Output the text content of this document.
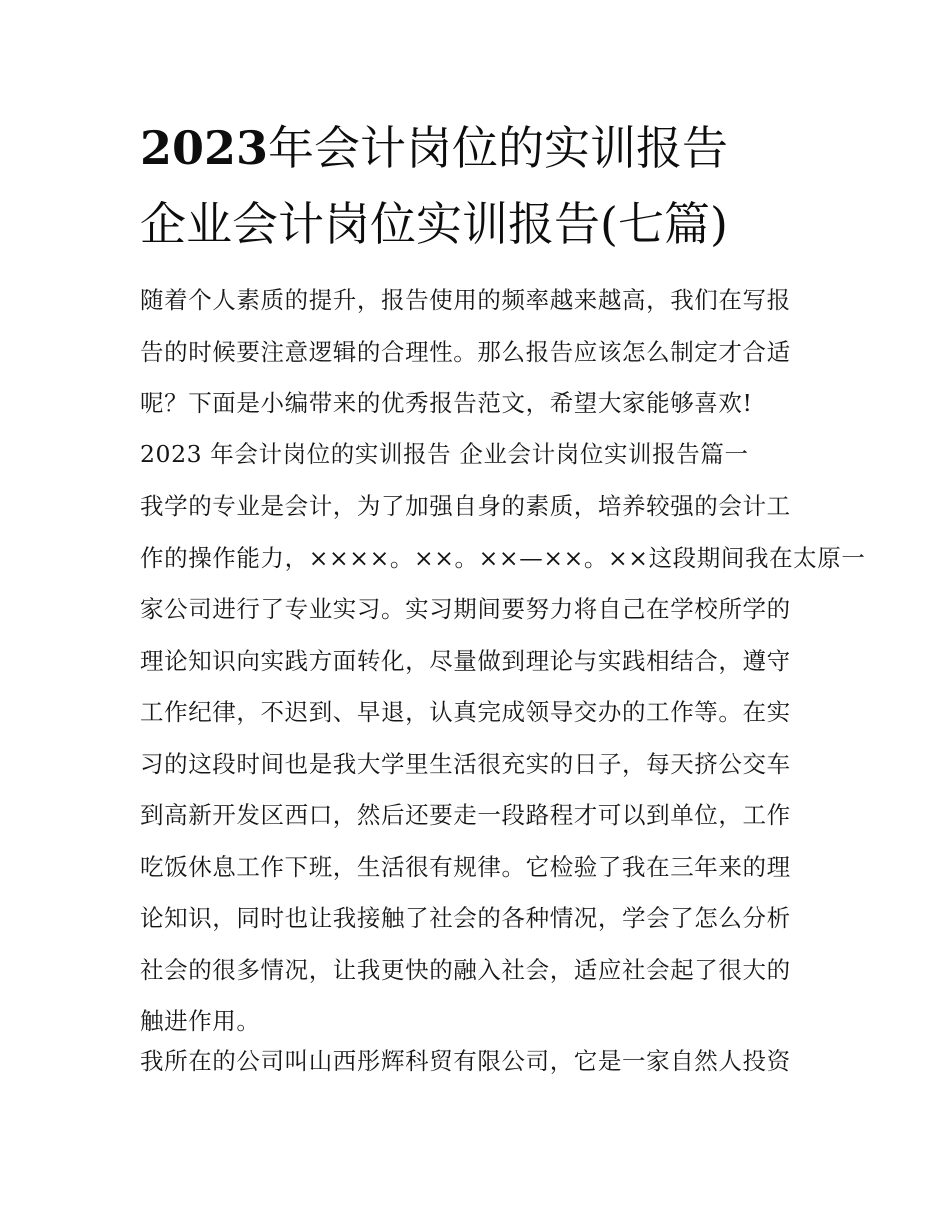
2023年会计岗位的实训报告
企业会计岗位实训报告(七篇)
随着个人素质的提升，报告使用的频率越来越高，我们在写报
告的时候要注意逻辑的合理性。那么报告应该怎么制定才合适
呢？下面是小编带来的优秀报告范文，希望大家能够喜欢!
2023 年会计岗位的实训报告 企业会计岗位实训报告篇一
我学的专业是会计，为了加强自身的素质，培养较强的会计工
作的操作能力，××××。××。××—××。××这段期间我在太原一
家公司进行了专业实习。实习期间要努力将自己在学校所学的
理论知识向实践方面转化，尽量做到理论与实践相结合，遵守
工作纪律，不迟到、早退，认真完成领导交办的工作等。在实
习的这段时间也是我大学里生活很充实的日子，每天挤公交车
到高新开发区西口，然后还要走一段路程才可以到单位，工作
吃饭休息工作下班，生活很有规律。它检验了我在三年来的理
论知识，同时也让我接触了社会的各种情况，学会了怎么分析
社会的很多情况，让我更快的融入社会，适应社会起了很大的
触进作用。
我所在的公司叫山西彤辉科贸有限公司，它是一家自然人投资
